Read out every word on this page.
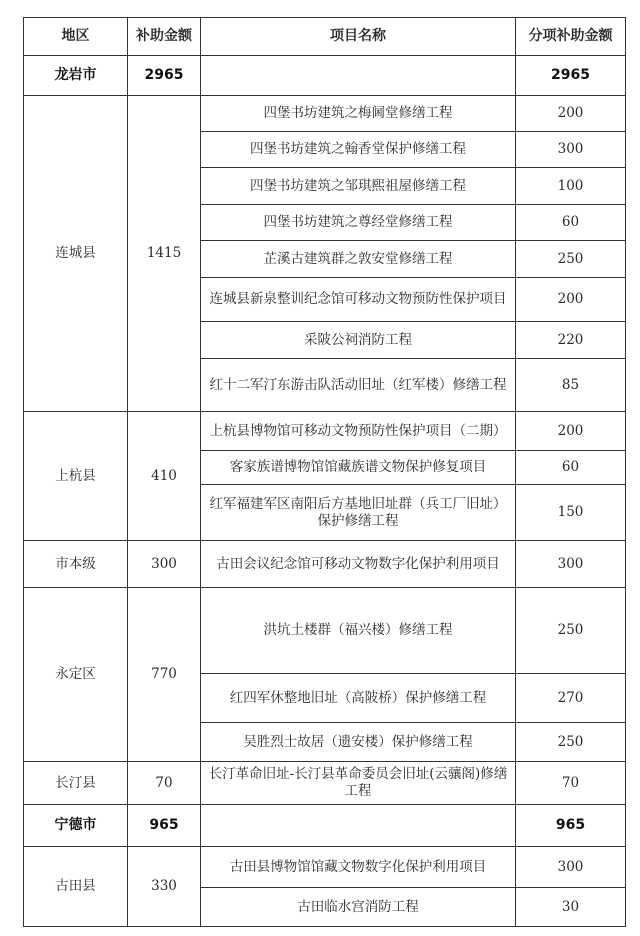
地区	补助金额	项目名称	分项补助金额
龙岩市	2965		2965
连城县	1415	四堡书坊建筑之梅阃堂修缮工程	200
		四堡书坊建筑之翰香堂保护修缮工程	300
		四堡书坊建筑之邹琪熙祖屋修缮工程	100
		四堡书坊建筑之尊经堂修缮工程	60
		芷溪古建筑群之敦安堂修缮工程	250
		连城县新泉整训纪念馆可移动文物预防性保护项目	200
		采陂公祠消防工程	220
		红十二军汀东游击队活动旧址（红军楼）修缮工程	85
上杭县	410	上杭县博物馆可移动文物预防性保护项目（二期）	200
		客家族谱博物馆馆藏族谱文物保护修复项目	60
		红军福建军区南阳后方基地旧址群（兵工厂旧址）保护修缮工程	150
市本级	300	古田会议纪念馆可移动文物数字化保护利用项目	300
永定区	770	洪坑土楼群（福兴楼）修缮工程	250
		红四军休整地旧址（高陂桥）保护修缮工程	270
		吴胜烈士故居（遗安楼）保护修缮工程	250
长汀县	70	长汀革命旧址-长汀县革命委员会旧址(云骧阁)修缮工程	70
宁德市	965		965
古田县	330	古田县博物馆馆藏文物数字化保护利用项目	300
		古田临水宫消防工程	30
